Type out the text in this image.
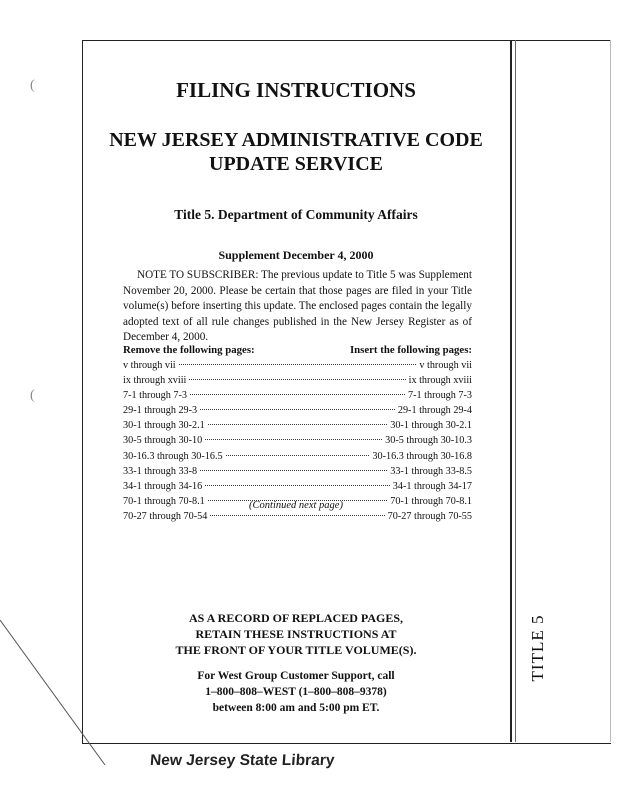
TITLE 5
(
(
FILING INSTRUCTIONS
NEW JERSEY ADMINISTRATIVE CODE
UPDATE SERVICE
Title 5. Department of Community Affairs
Supplement December 4, 2000
NOTE TO SUBSCRIBER: The previous update to Title 5 was Supplement November 20, 2000. Please be certain that those pages are filed in your Title volume(s) before inserting this update. The enclosed pages contain the legally adopted text of all rule changes published in the New Jersey Register as of December 4, 2000.
Remove the following pages:	Insert the following pages:
v through vii	v through vii
ix through xviii	ix through xviii
7-1 through 7-3	7-1 through 7-3
29-1 through 29-3	29-1 through 29-4
30-1 through 30-2.1	30-1 through 30-2.1
30-5 through 30-10	30-5 through 30-10.3
30-16.3 through 30-16.5	30-16.3 through 30-16.8
33-1 through 33-8	33-1 through 33-8.5
34-1 through 34-16	34-1 through 34-17
70-1 through 70-8.1	70-1 through 70-8.1
70-27 through 70-54	70-27 through 70-55
(Continued next page)
AS A RECORD OF REPLACED PAGES,
RETAIN THESE INSTRUCTIONS AT
THE FRONT OF YOUR TITLE VOLUME(S).
For West Group Customer Support, call
1–800–808–WEST (1–800–808–9378)
between 8:00 am and 5:00 pm ET.
New Jersey State Library
